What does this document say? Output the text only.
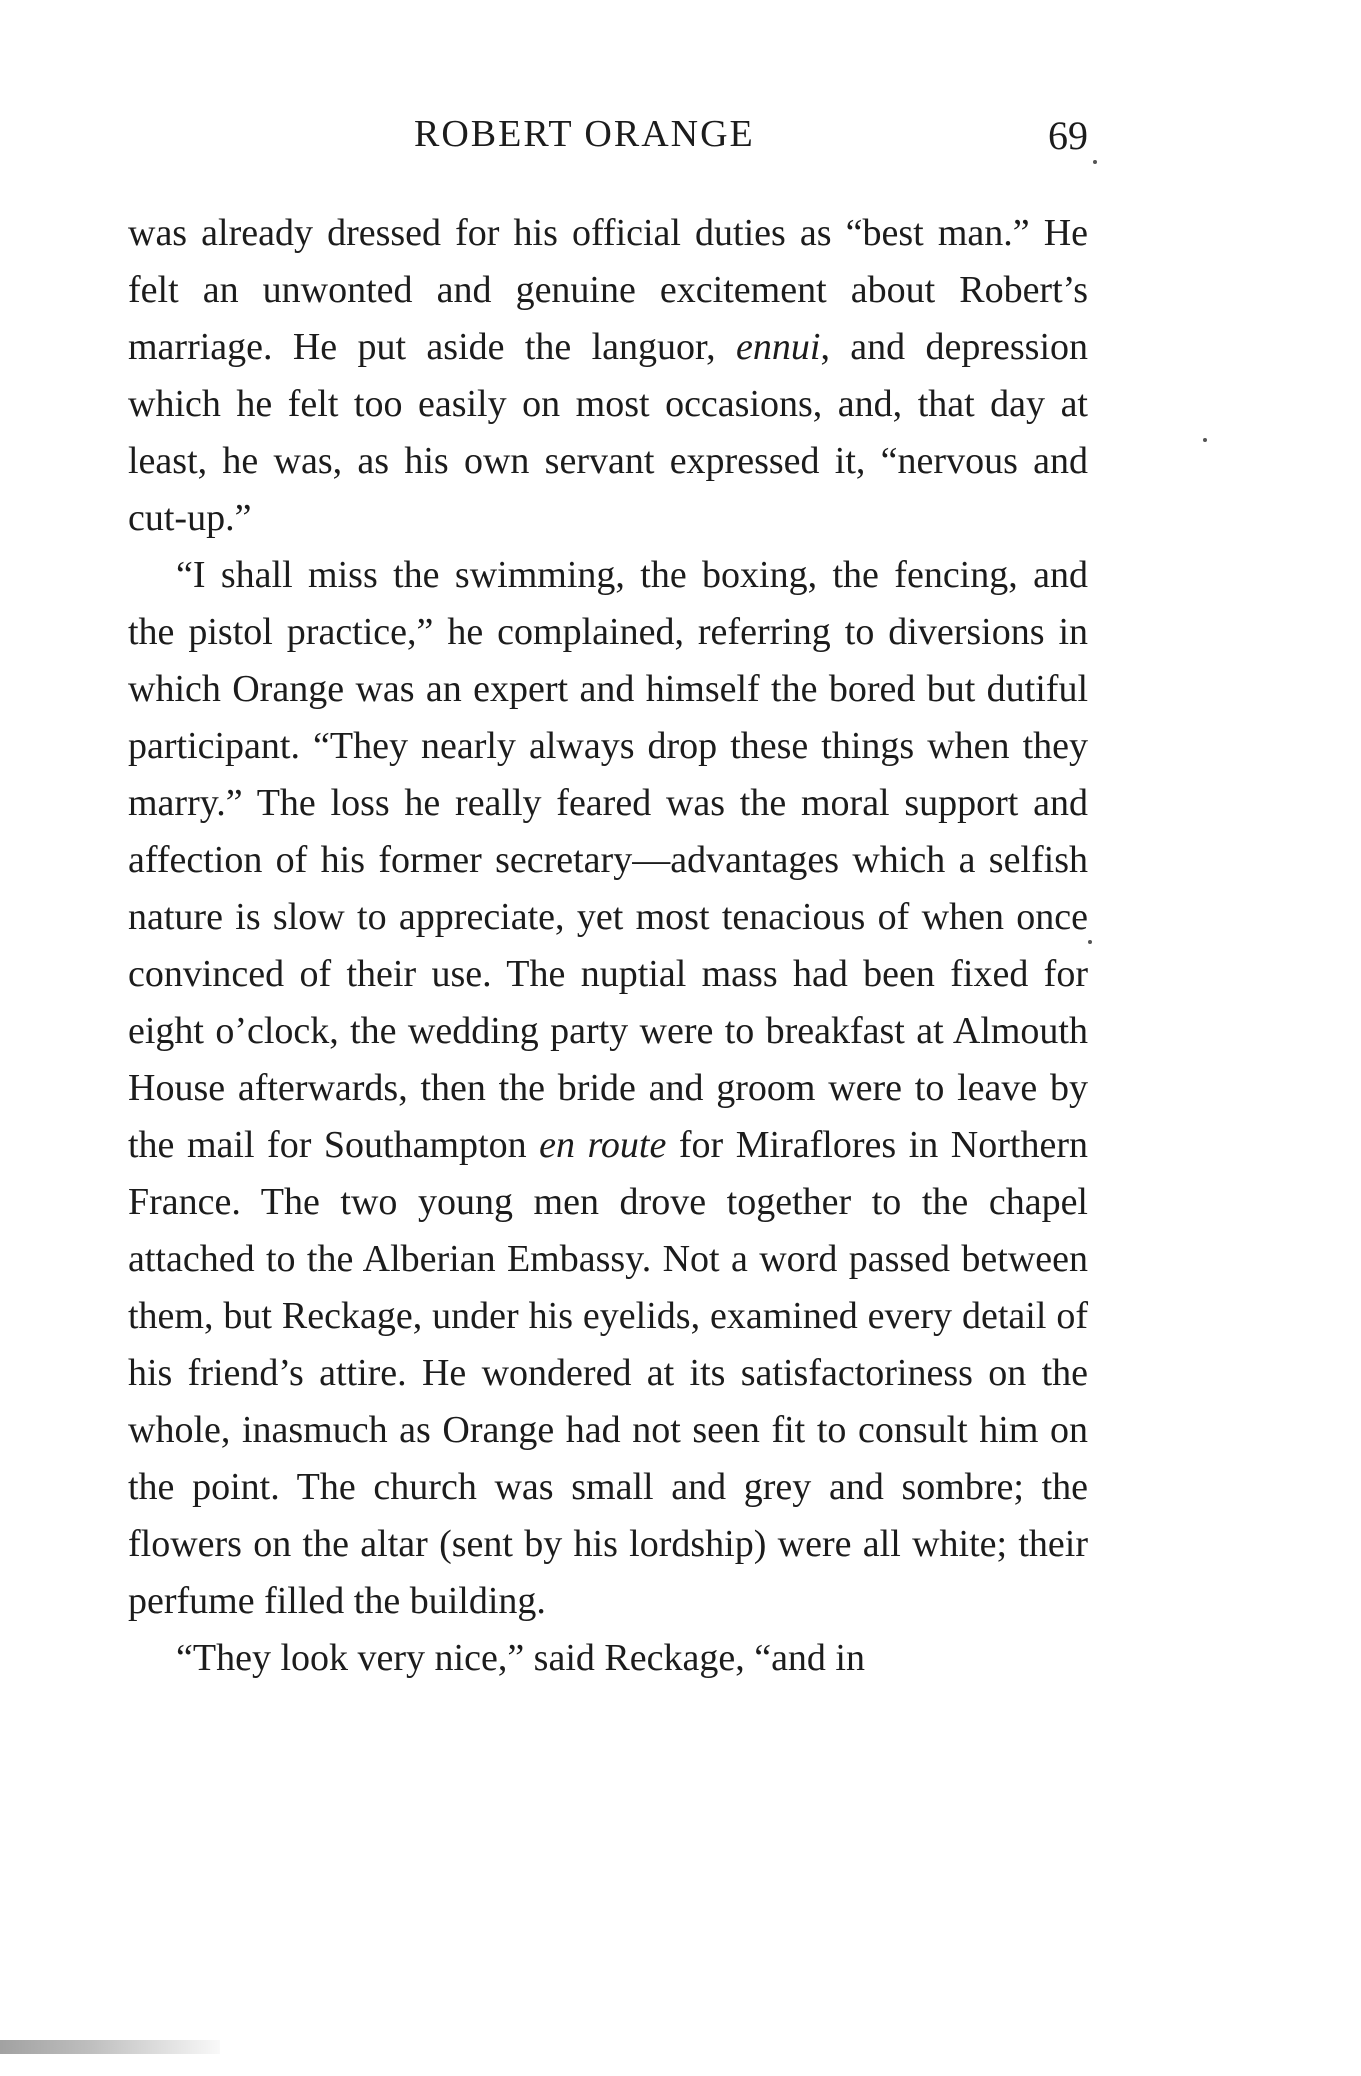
ROBERT ORANGE	69

was already dressed for his official duties as “best man.” He felt an unwonted and genuine excitement about Robert’s marriage. He put aside the languor, ennui, and depression which he felt too easily on most occasions, and, that day at least, he was, as his own servant expressed it, “nervous and cut-up.”

“I shall miss the swimming, the boxing, the fencing, and the pistol practice,” he complained, referring to diversions in which Orange was an expert and himself the bored but dutiful participant. “They nearly always drop these things when they marry.” The loss he really feared was the moral support and affection of his former secretary—advantages which a selfish nature is slow to appreciate, yet most tenacious of when once convinced of their use. The nuptial mass had been fixed for eight o’clock, the wedding party were to breakfast at Almouth House afterwards, then the bride and groom were to leave by the mail for Southampton en route for Miraflores in Northern France. The two young men drove together to the chapel attached to the Alberian Embassy. Not a word passed between them, but Reckage, under his eyelids, examined every detail of his friend’s attire. He wondered at its satisfactoriness on the whole, inasmuch as Orange had not seen fit to consult him on the point. The church was small and grey and sombre; the flowers on the altar (sent by his lordship) were all white; their perfume filled the building.

“They look very nice,” said Reckage, “and in
